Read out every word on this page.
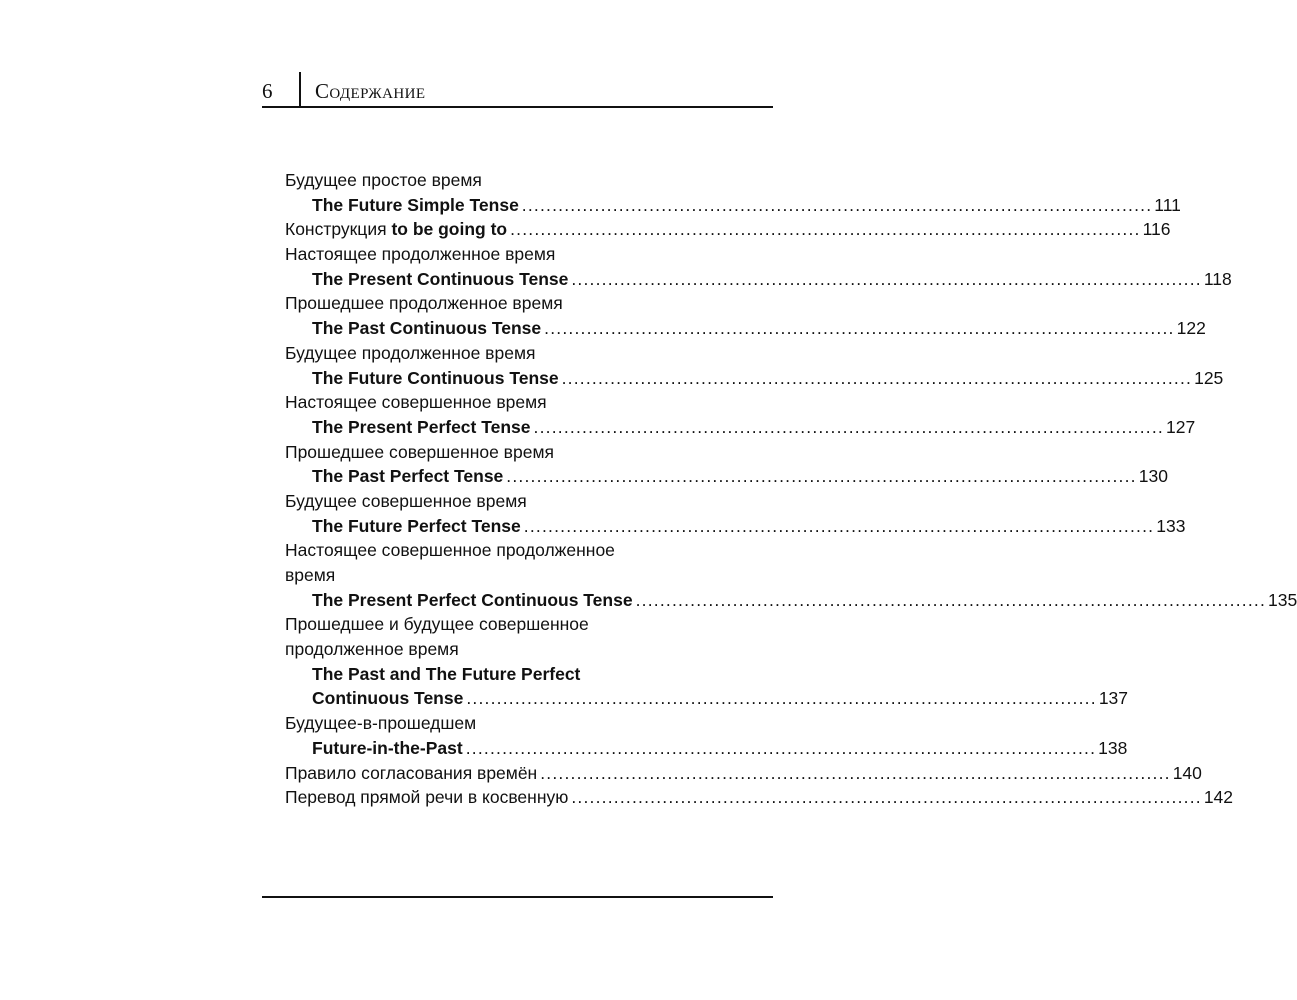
6 Содержание
Будущее простое время
The Future Simple Tense ........................................................................................................ 111
Конструкция to be going to ........................................................................................................ 116
Настоящее продолженное время
The Present Continuous Tense ........................................................................................................ 118
Прошедшее продолженное время
The Past Continuous Tense ........................................................................................................ 122
Будущее продолженное время
The Future Continuous Tense ........................................................................................................ 125
Настоящее совершенное время
The Present Perfect Tense ........................................................................................................ 127
Прошедшее совершенное время
The Past Perfect Tense ........................................................................................................ 130
Будущее совершенное время
The Future Perfect Tense ........................................................................................................ 133
Настоящее совершенное продолженное
время
The Present Perfect Continuous Tense ........................................................................................................ 135
Прошедшее и будущее совершенное
продолженное время
The Past and The Future Perfect
Continuous Tense ........................................................................................................ 137
Будущее-в-прошедшем
Future-in-the-Past ........................................................................................................ 138
Правило согласования времён ........................................................................................................ 140
Перевод прямой речи в косвенную ........................................................................................................ 142
